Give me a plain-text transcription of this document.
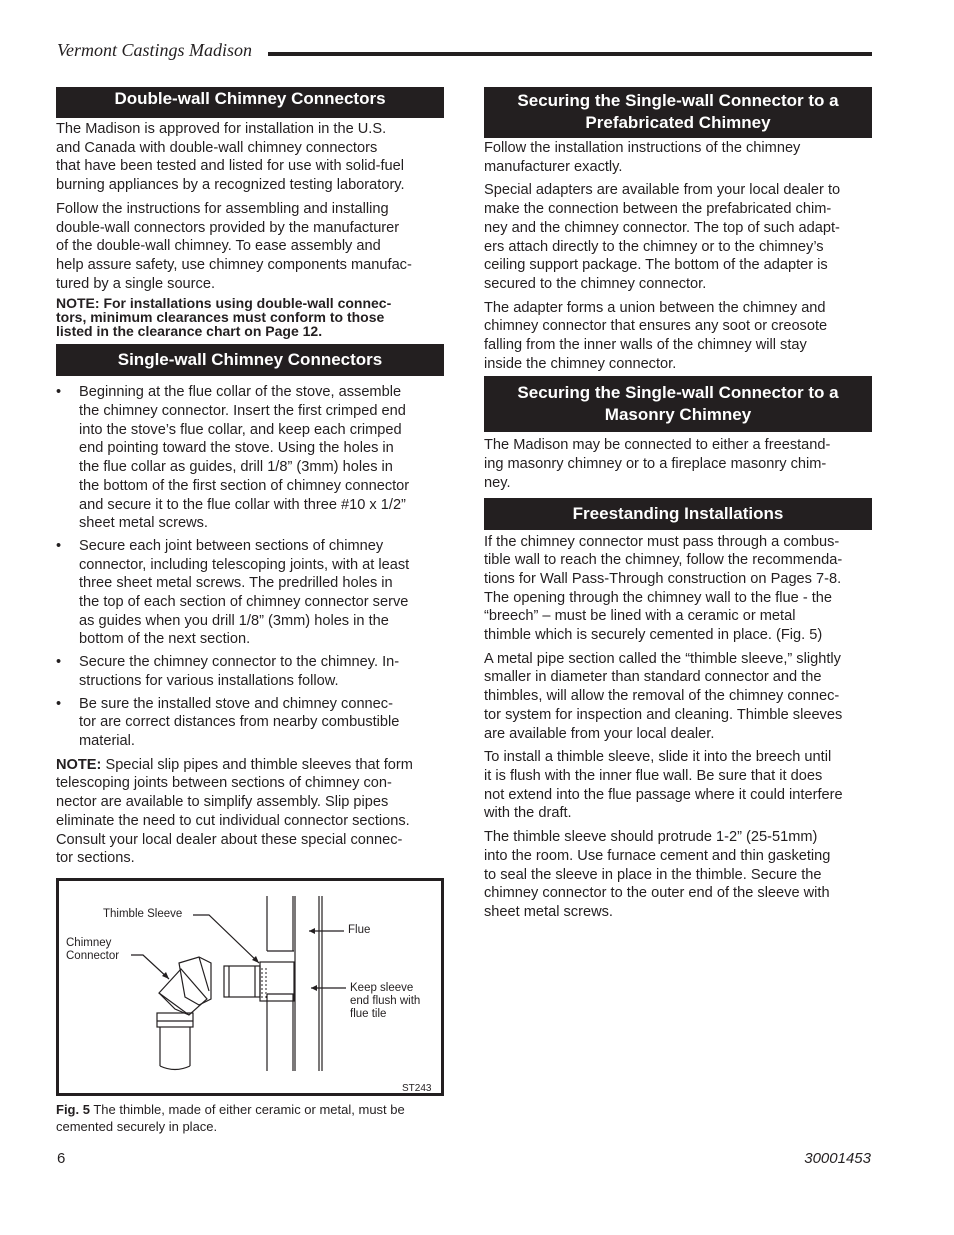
Vermont Castings Madison
Double-wall Chimney Connectors

The Madison is approved for installation in the U.S.
and Canada with double-wall chimney connectors
that have been tested and listed for use with solid-fuel
burning appliances by a recognized testing laboratory.

Follow the instructions for assembling and installing
double-wall connectors provided by the manufacturer
of the double-wall chimney. To ease assembly and
help assure safety, use chimney components manufac-
tured by a single source.

NOTE: For installations using double-wall connec-
tors, minimum clearances must conform to those
listed in the clearance chart on Page 12.

Single-wall Chimney Connectors
• Beginning at the flue collar of the stove, assemble
the chimney connector. Insert the first crimped end
into the stove’s flue collar, and keep each crimped
end pointing toward the stove. Using the holes in
the flue collar as guides, drill 1/8” (3mm) holes in
the bottom of the first section of chimney connector
and secure it to the flue collar with three #10 x 1/2”
sheet metal screws.
• Secure each joint between sections of chimney
connector, including telescoping joints, with at least
three sheet metal screws. The predrilled holes in
the top of each section of chimney connector serve
as guides when you drill 1/8” (3mm) holes in the
bottom of the next section.
• Secure the chimney connector to the chimney. In-
structions for various installations follow.
• Be sure the installed stove and chimney connec-
tor are correct distances from nearby combustible
material.

NOTE: Special slip pipes and thimble sleeves that form
telescoping joints between sections of chimney con-
nector are available to simplify assembly. Slip pipes
eliminate the need to cut individual connector sections.
Consult your local dealer about these special connec-
tor sections.

Thimble Sleeve
Chimney
Connector
Flue
Keep sleeve
end flush with
flue tile
ST243

Fig. 5 The thimble, made of either ceramic or metal, must be
cemented securely in place.

Securing the Single-wall Connector to a
Prefabricated Chimney

Follow the installation instructions of the chimney
manufacturer exactly.

Special adapters are available from your local dealer to
make the connection between the prefabricated chim-
ney and the chimney connector. The top of such adapt-
ers attach directly to the chimney or to the chimney’s
ceiling support package. The bottom of the adapter is
secured to the chimney connector.

The adapter forms a union between the chimney and
chimney connector that ensures any soot or creosote
falling from the inner walls of the chimney will stay
inside the chimney connector.

Securing the Single-wall Connector to a
Masonry Chimney

The Madison may be connected to either a freestand-
ing masonry chimney or to a fireplace masonry chim-
ney.

Freestanding Installations

If the chimney connector must pass through a combus-
tible wall to reach the chimney, follow the recommenda-
tions for Wall Pass-Through construction on Pages 7-8.
The opening through the chimney wall to the flue - the
“breech” – must be lined with a ceramic or metal
thimble which is securely cemented in place. (Fig. 5)

A metal pipe section called the “thimble sleeve,” slightly
smaller in diameter than standard connector and the
thimbles, will allow the removal of the chimney connec-
tor system for inspection and cleaning. Thimble sleeves
are available from your local dealer.

To install a thimble sleeve, slide it into the breech until
it is flush with the inner flue wall. Be sure that it does
not extend into the flue passage where it could interfere
with the draft.

The thimble sleeve should protrude 1-2” (25-51mm)
into the room. Use furnace cement and thin gasketing
to seal the sleeve in place in the thimble. Secure the
chimney connector to the outer end of the sleeve with
sheet metal screws.

6	30001453
